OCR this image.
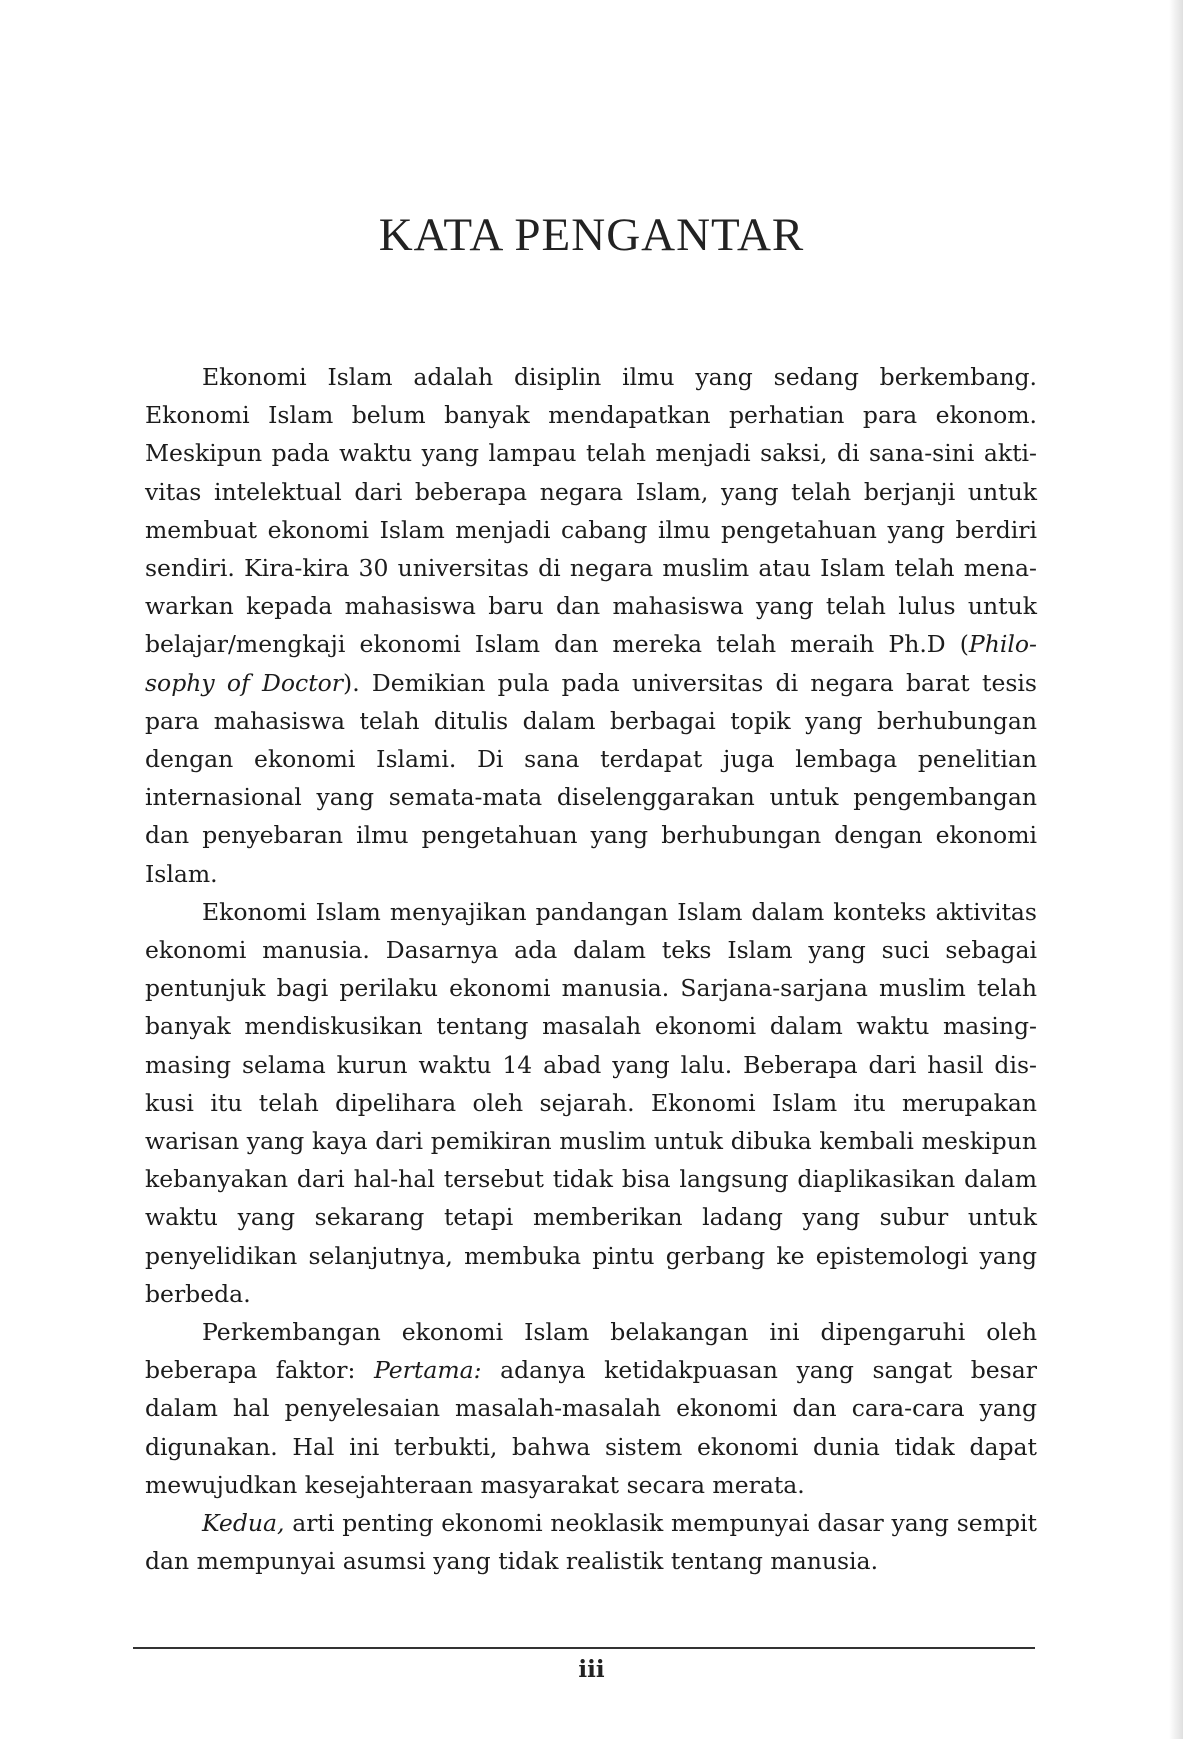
KATA PENGANTAR

Ekonomi Islam adalah disiplin ilmu yang sedang berkembang. Ekonomi Islam belum banyak mendapatkan perhatian para ekonom. Meskipun pada waktu yang lampau telah menjadi saksi, di sana-sini aktivitas intelektual dari beberapa negara Islam, yang telah berjanji untuk membuat ekonomi Islam menjadi cabang ilmu pengetahuan yang berdiri sendiri. Kira-kira 30 universitas di negara muslim atau Islam telah menawarkan kepada mahasiswa baru dan mahasiswa yang telah lulus untuk belajar/mengkaji ekonomi Islam dan mereka telah meraih Ph.D (Philosophy of Doctor). Demikian pula pada universitas di negara barat tesis para mahasiswa telah ditulis dalam berbagai topik yang berhubungan dengan ekonomi Islami. Di sana terdapat juga lembaga penelitian internasional yang semata-mata diselenggarakan untuk pengembangan dan penyebaran ilmu pengetahuan yang berhubungan dengan ekonomi Islam.

Ekonomi Islam menyajikan pandangan Islam dalam konteks aktivitas ekonomi manusia. Dasarnya ada dalam teks Islam yang suci sebagai pentunjuk bagi perilaku ekonomi manusia. Sarjana-sarjana muslim telah banyak mendiskusikan tentang masalah ekonomi dalam waktu masing-masing selama kurun waktu 14 abad yang lalu. Beberapa dari hasil diskusi itu telah dipelihara oleh sejarah. Ekonomi Islam itu merupakan warisan yang kaya dari pemikiran muslim untuk dibuka kembali meskipun kebanyakan dari hal-hal tersebut tidak bisa langsung diaplikasikan dalam waktu yang sekarang tetapi memberikan ladang yang subur untuk penyelidikan selanjutnya, membuka pintu gerbang ke epistemologi yang berbeda.

Perkembangan ekonomi Islam belakangan ini dipengaruhi oleh beberapa faktor: Pertama: adanya ketidakpuasan yang sangat besar dalam hal penyelesaian masalah-masalah ekonomi dan cara-cara yang digunakan. Hal ini terbukti, bahwa sistem ekonomi dunia tidak dapat mewujudkan kesejahteraan masyarakat secara merata.

Kedua, arti penting ekonomi neoklasik mempunyai dasar yang sempit dan mempunyai asumsi yang tidak realistik tentang manusia.

iii
